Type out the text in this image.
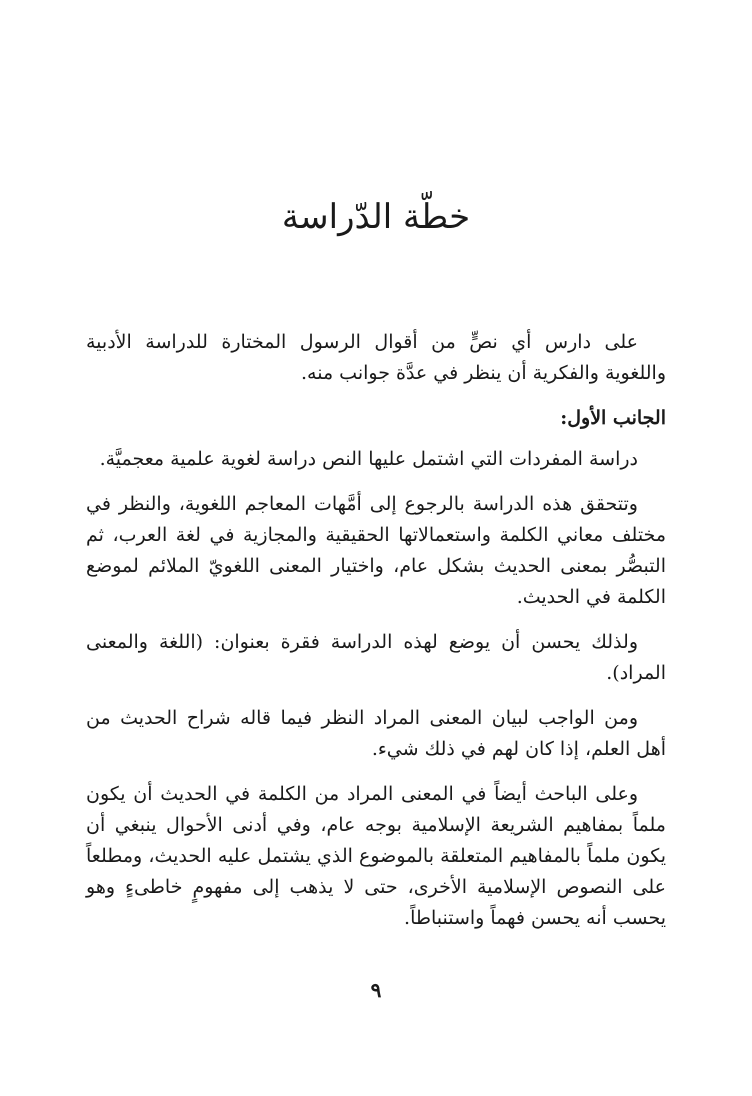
خطّة الدّراسة

على دارس أي نصٍّ من أقوال الرسول المختارة للدراسة الأدبية واللغوية والفكرية أن ينظر في عدَّة جوانب منه.

الجانب الأول:

دراسة المفردات التي اشتمل عليها النص دراسة لغوية علمية معجميَّة.

وتتحقق هذه الدراسة بالرجوع إلى أمَّهات المعاجم اللغوية، والنظر في مختلف معاني الكلمة واستعمالاتها الحقيقية والمجازية في لغة العرب، ثم التبصُّر بمعنى الحديث بشكل عام، واختيار المعنى اللغويّ الملائم لموضع الكلمة في الحديث.

ولذلك يحسن أن يوضع لهذه الدراسة فقرة بعنوان: (اللغة والمعنى المراد).

ومن الواجب لبيان المعنى المراد النظر فيما قاله شراح الحديث من أهل العلم، إذا كان لهم في ذلك شيء.

وعلى الباحث أيضاً في المعنى المراد من الكلمة في الحديث أن يكون ملماً بمفاهيم الشريعة الإسلامية بوجه عام، وفي أدنى الأحوال ينبغي أن يكون ملماً بالمفاهيم المتعلقة بالموضوع الذي يشتمل عليه الحديث، ومطلعاً على النصوص الإسلامية الأخرى، حتى لا يذهب إلى مفهومٍ خاطىءٍ وهو يحسب أنه يحسن فهماً واستنباطاً.

٩
